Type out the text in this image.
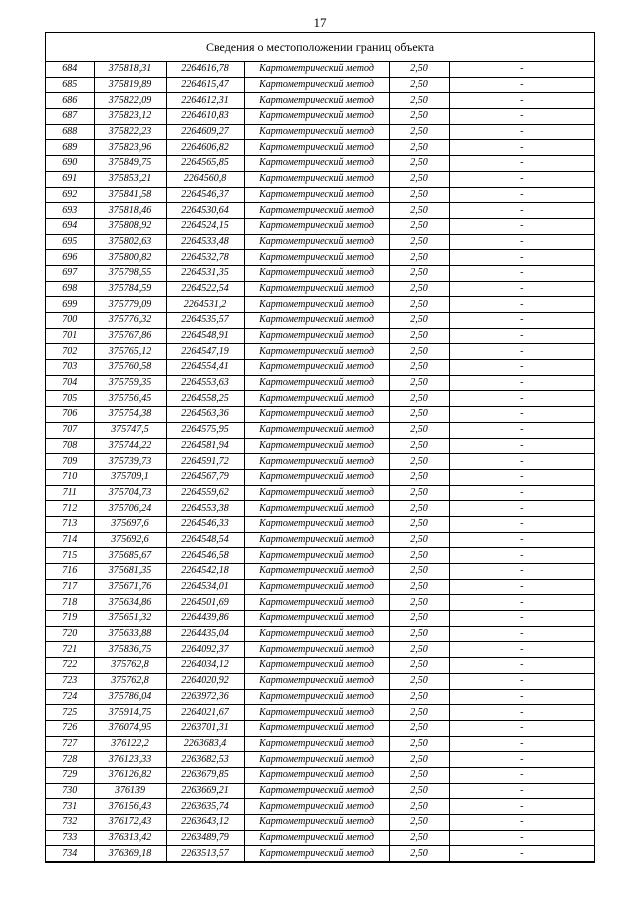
17
Сведения о местоположении границ объекта
684	375818,31	2264616,78	Картометрический метод	2,50	-
685	375819,89	2264615,47	Картометрический метод	2,50	-
686	375822,09	2264612,31	Картометрический метод	2,50	-
687	375823,12	2264610,83	Картометрический метод	2,50	-
688	375822,23	2264609,27	Картометрический метод	2,50	-
689	375823,96	2264606,82	Картометрический метод	2,50	-
690	375849,75	2264565,85	Картометрический метод	2,50	-
691	375853,21	2264560,8	Картометрический метод	2,50	-
692	375841,58	2264546,37	Картометрический метод	2,50	-
693	375818,46	2264530,64	Картометрический метод	2,50	-
694	375808,92	2264524,15	Картометрический метод	2,50	-
695	375802,63	2264533,48	Картометрический метод	2,50	-
696	375800,82	2264532,78	Картометрический метод	2,50	-
697	375798,55	2264531,35	Картометрический метод	2,50	-
698	375784,59	2264522,54	Картометрический метод	2,50	-
699	375779,09	2264531,2	Картометрический метод	2,50	-
700	375776,32	2264535,57	Картометрический метод	2,50	-
701	375767,86	2264548,91	Картометрический метод	2,50	-
702	375765,12	2264547,19	Картометрический метод	2,50	-
703	375760,58	2264554,41	Картометрический метод	2,50	-
704	375759,35	2264553,63	Картометрический метод	2,50	-
705	375756,45	2264558,25	Картометрический метод	2,50	-
706	375754,38	2264563,36	Картометрический метод	2,50	-
707	375747,5	2264575,95	Картометрический метод	2,50	-
708	375744,22	2264581,94	Картометрический метод	2,50	-
709	375739,73	2264591,72	Картометрический метод	2,50	-
710	375709,1	2264567,79	Картометрический метод	2,50	-
711	375704,73	2264559,62	Картометрический метод	2,50	-
712	375706,24	2264553,38	Картометрический метод	2,50	-
713	375697,6	2264546,33	Картометрический метод	2,50	-
714	375692,6	2264548,54	Картометрический метод	2,50	-
715	375685,67	2264546,58	Картометрический метод	2,50	-
716	375681,35	2264542,18	Картометрический метод	2,50	-
717	375671,76	2264534,01	Картометрический метод	2,50	-
718	375634,86	2264501,69	Картометрический метод	2,50	-
719	375651,32	2264439,86	Картометрический метод	2,50	-
720	375633,88	2264435,04	Картометрический метод	2,50	-
721	375836,75	2264092,37	Картометрический метод	2,50	-
722	375762,8	2264034,12	Картометрический метод	2,50	-
723	375762,8	2264020,92	Картометрический метод	2,50	-
724	375786,04	2263972,36	Картометрический метод	2,50	-
725	375914,75	2264021,67	Картометрический метод	2,50	-
726	376074,95	2263701,31	Картометрический метод	2,50	-
727	376122,2	2263683,4	Картометрический метод	2,50	-
728	376123,33	2263682,53	Картометрический метод	2,50	-
729	376126,82	2263679,85	Картометрический метод	2,50	-
730	376139	2263669,21	Картометрический метод	2,50	-
731	376156,43	2263635,74	Картометрический метод	2,50	-
732	376172,43	2263643,12	Картометрический метод	2,50	-
733	376313,42	2263489,79	Картометрический метод	2,50	-
734	376369,18	2263513,57	Картометрический метод	2,50	-
